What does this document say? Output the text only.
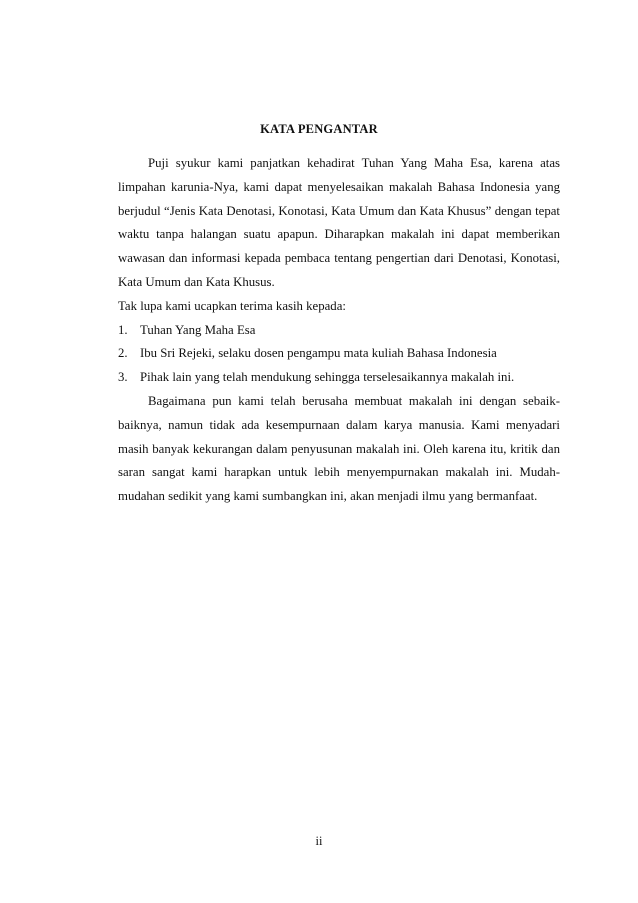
KATA PENGANTAR

Puji syukur kami panjatkan kehadirat Tuhan Yang Maha Esa, karena atas limpahan karunia-Nya, kami dapat menyelesaikan makalah Bahasa Indonesia yang berjudul “Jenis Kata Denotasi, Konotasi, Kata Umum dan Kata Khusus” dengan tepat waktu tanpa halangan suatu apapun. Diharapkan makalah ini dapat memberikan wawasan dan informasi kepada pembaca tentang pengertian dari Denotasi, Konotasi, Kata Umum dan Kata Khusus.

Tak lupa kami ucapkan terima kasih kepada:

1. Tuhan Yang Maha Esa
2. Ibu Sri Rejeki, selaku dosen pengampu mata kuliah Bahasa Indonesia
3. Pihak lain yang telah mendukung sehingga terselesaikannya makalah ini.

Bagaimana pun kami telah berusaha membuat makalah ini dengan sebaik-baiknya, namun tidak ada kesempurnaan dalam karya manusia. Kami menyadari masih banyak kekurangan dalam penyusunan makalah ini. Oleh karena itu, kritik dan saran sangat kami harapkan untuk lebih menyempurnakan makalah ini. Mudah-mudahan sedikit yang kami sumbangkan ini, akan menjadi ilmu yang bermanfaat.

ii
